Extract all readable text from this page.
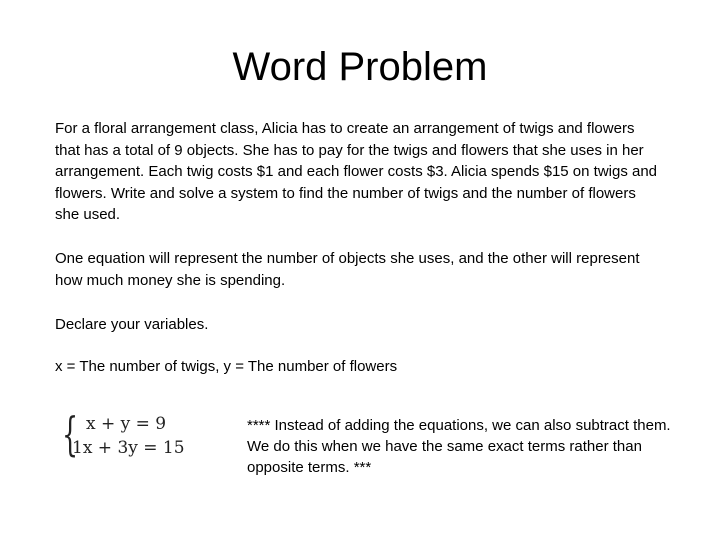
Word Problem
For a floral arrangement class, Alicia has to create an arrangement of twigs and flowers that has a total of 9 objects. She has to pay for the twigs and flowers that she uses in her arrangement. Each twig costs $1 and each flower costs $3. Alicia spends $15 on twigs and flowers. Write and solve a system to find the number of twigs and the number of flowers she used.
One equation will represent the number of objects she uses, and the other will represent how much money she is spending.
Declare your variables.
x = The number of twigs, y = The number of flowers
{ x + y = 9
1x + 3y = 15
**** Instead of adding the equations, we can also subtract them. We do this when we have the same exact terms rather than opposite terms. ***
